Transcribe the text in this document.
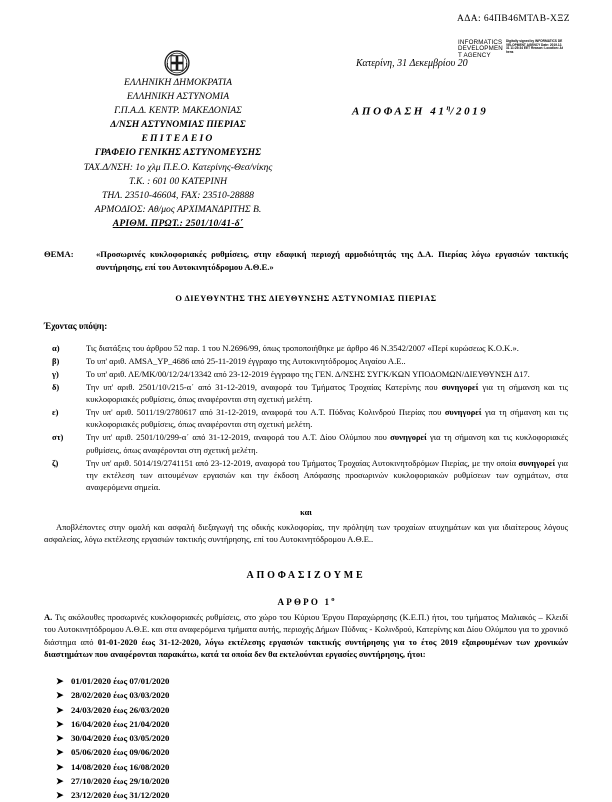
ΑΔΑ: 64ΠΒ46ΜΤΛΒ-ΧΞΖ
INFORMATICS
DEVELOPMEN
T AGENCY
Digitally signed by INFORMATICS DEVELOPMENT AGENCY Date: 2019.12.31 11:25:34 EET Reason: Location: Athens
ΕΛΛΗΝΙΚΗ ΔΗΜΟΚΡΑΤΙΑ
ΕΛΛΗΝΙΚΗ ΑΣΤΥΝΟΜΙΑ
Γ.Π.Α.Δ. ΚΕΝΤΡ. ΜΑΚΕΔΟΝΙΑΣ
Δ/ΝΣΗ ΑΣΤΥΝΟΜΙΑΣ ΠΙΕΡΙΑΣ
ΕΠΙΤΕΛΕΙΟ
ΓΡΑΦΕΙΟ ΓΕΝΙΚΗΣ ΑΣΤΥΝΟΜΕΥΣΗΣ
ΤΑΧ.Δ/ΝΣΗ: 1ο χλμ Π.Ε.Ο. Κατερίνης-Θεσ/νίκης
Τ.Κ. : 601 00 ΚΑΤΕΡΙΝΗ
ΤΗΛ. 23510-46604, FAX: 23510-28888
ΑΡΜΟΔΙΟΣ: Αθ/μος ΑΡΧΙΜΑΝΔΡΙΤΗΣ Β.
ΑΡΙΘΜ. ΠΡΩΤ.: 2501/10/41-δ΄
Κατερίνη, 31 Δεκεμβρίου 20
ΑΠΟΦΑΣΗ $41^\eta/2019$
ΘΕΜΑ:	«Προσωρινές κυκλοφοριακές ρυθμίσεις, στην εδαφική περιοχή αρμοδιότητάς της Δ.Α. Πιερίας λόγω εργασιών τακτικής συντήρησης, επί του Αυτοκινητόδρομου Α.Θ.Ε.»
Ο ΔΙΕΥΘΥΝΤΗΣ ΤΗΣ ΔΙΕΥΘΥΝΣΗΣ ΑΣΤΥΝΟΜΙΑΣ ΠΙΕΡΙΑΣ
Έχοντας υπόψη:
α)	Τις διατάξεις του άρθρου 52 παρ. 1 του Ν.2696/99, όπως τροποποιήθηκε με άρθρο 46 Ν.3542/2007 «Περί κυρώσεως Κ.Ο.Κ.».
β)	Το υπ' αριθ. AMSA_YP_4686 από 25-11-2019 έγγραφο της Αυτοκινητόδρομος Αιγαίου Α.Ε..
γ)	Το υπ' αριθ. ΛΕ/ΜΚ/00/12/24/13342 από 23-12-2019 έγγραφο της ΓΕΝ. Δ/ΝΣΗΣ ΣΥΓΚ/ΚΩΝ ΥΠΟΔΟΜΩΝ/ΔΙΕΥΘΥΝΣΗ Δ17.
δ)	Την υπ' αριθ. 2501/10\/215-α΄ από 31-12-2019, αναφορά του Τμήματος Τροχαίας Κατερίνης που συνηγορεί για τη σήμανση και τις κυκλοφοριακές ρυθμίσεις, όπως αναφέρονται στη σχετική μελέτη.
ε)	Την υπ' αριθ. 5011/19/2780617 από 31-12-2019, αναφορά του Α.Τ. Πύδνας Κολινδρού Πιερίας που συνηγορεί για τη σήμανση και τις κυκλοφοριακές ρυθμίσεις, όπως αναφέρονται στη σχετική μελέτη.
στ)	Την υπ' αριθ. 2501/10/299-α΄ από 31-12-2019, αναφορά του Α.Τ. Δίου Ολύμπου που συνηγορεί για τη σήμανση και τις κυκλοφοριακές ρυθμίσεις, όπως αναφέρονται στη σχετική μελέτη.
ζ)	Την υπ' αριθ. 5014/19/2741151 από 23-12-2019, αναφορά του Τμήματος Τροχαίας Αυτοκινητοδρόμων Πιερίας, με την οποία συνηγορεί για την εκτέλεση των αιτουμένων εργασιών και την έκδοση Απόφασης προσωρινών κυκλοφοριακών ρυθμίσεων των οχημάτων, στα αναφερόμενα σημεία.
και
Αποβλέποντες στην ομαλή και ασφαλή διεξαγωγή της οδικής κυκλοφορίας, την πρόληψη των τροχαίων ατυχημάτων και για ιδιαίτερους λόγους ασφαλείας, λόγω εκτέλεσης εργασιών τακτικής συντήρησης, επί του Αυτοκινητόδρομου Α.Θ.Ε..
ΑΠΟΦΑΣΙΖΟΥΜΕ
ΑΡΘΡΟ $1^o$
Α. Τις ακόλουθες προσωρινές κυκλοφοριακές ρυθμίσεις, στο χώρο του Κύριου Έργου Παραχώρησης (Κ.Ε.Π.) ήτοι, του τμήματος Μαλιακός – Κλειδί του Αυτοκινητόδρομου Α.Θ.Ε. και στα αναφερόμενα τμήματα αυτής, περιοχής Δήμων Πύδνας - Κολινδρού, Κατερίνης και Δίου Ολύμπου για το χρονικό διάστημα από 01-01-2020 έως 31-12-2020, λόγω εκτέλεσης εργασιών τακτικής συντήρησης για το έτος 2019 εξαιρουμένων των χρονικών διαστημάτων που αναφέρονται παρακάτω, κατά τα οποία δεν θα εκτελούνται εργασίες συντήρησης, ήτοι:
➤ 01/01/2020 έως 07/01/2020
➤ 28/02/2020 έως 03/03/2020
➤ 24/03/2020 έως 26/03/2020
➤ 16/04/2020 έως 21/04/2020
➤ 30/04/2020 έως 03/05/2020
➤ 05/06/2020 έως 09/06/2020
➤ 14/08/2020 έως 16/08/2020
➤ 27/10/2020 έως 29/10/2020
➤ 23/12/2020 έως 31/12/2020
